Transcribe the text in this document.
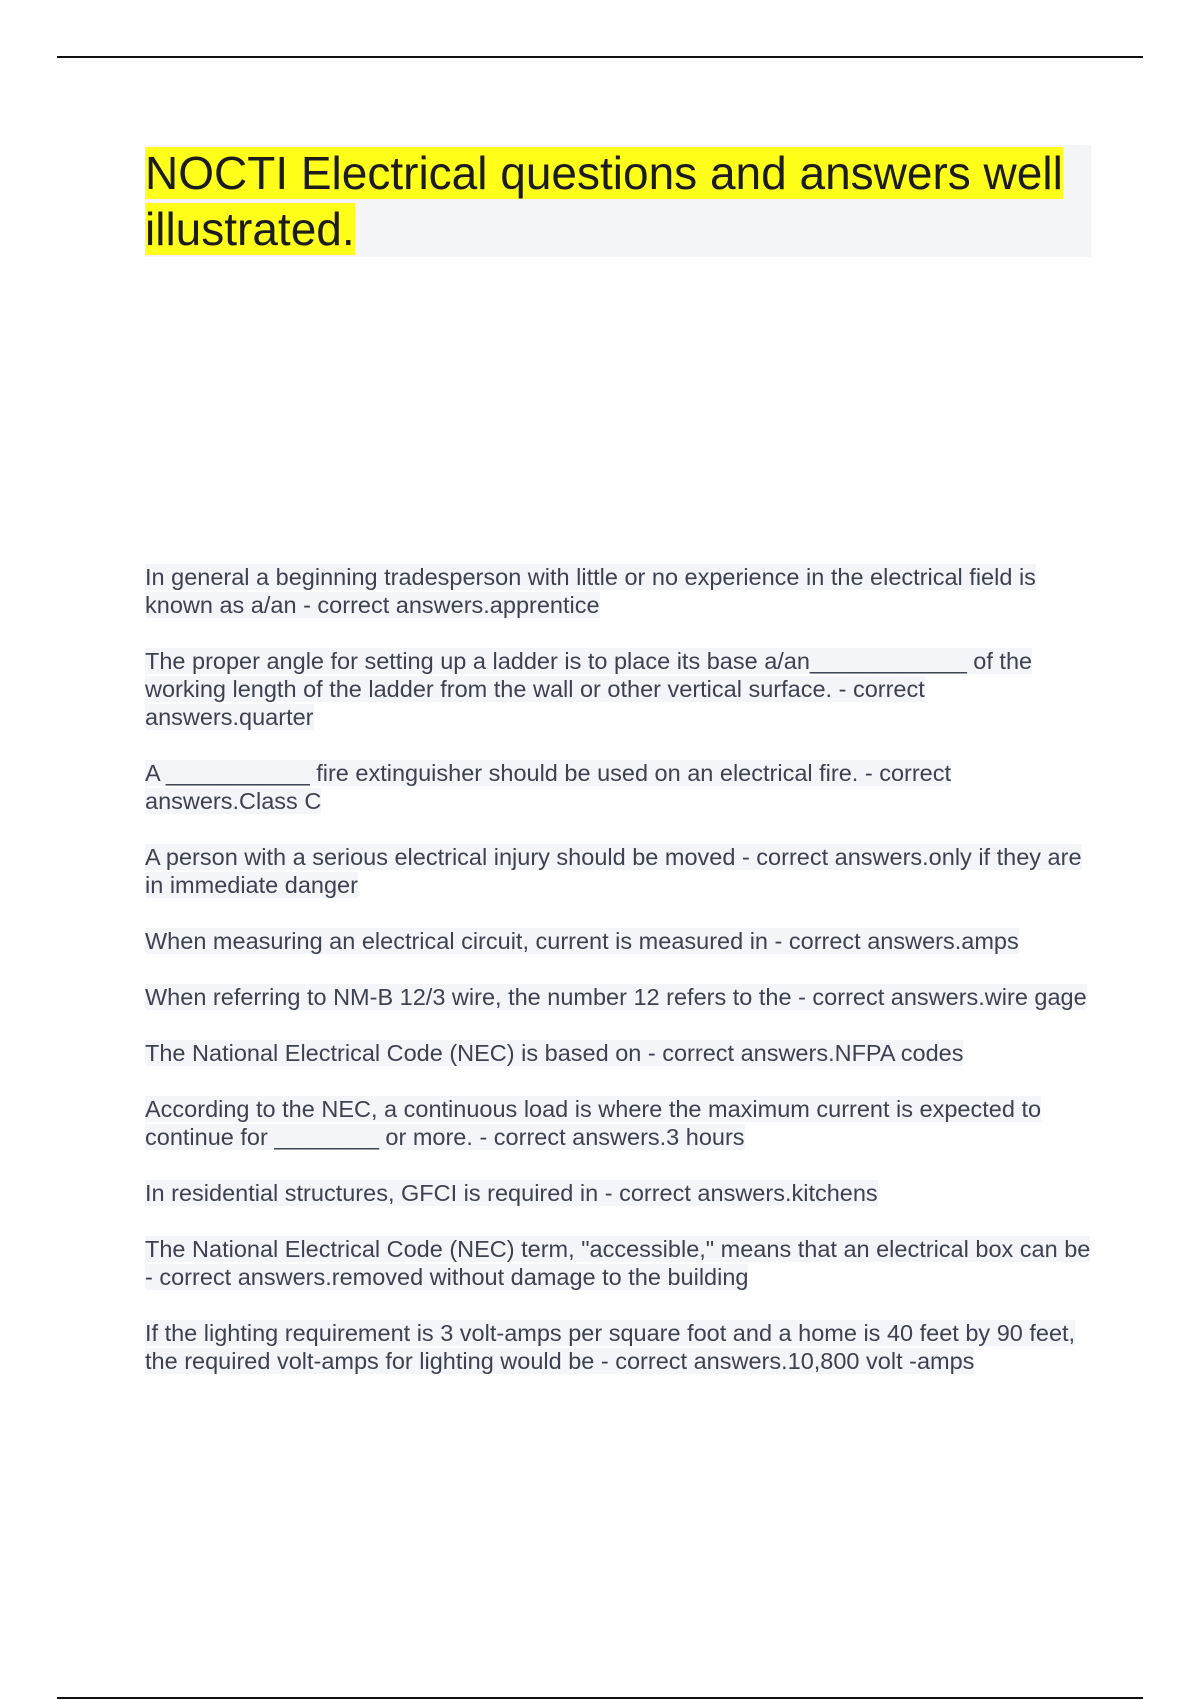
NOCTI Electrical questions and answers well illustrated.
In general a beginning tradesperson with little or no experience in the electrical field is known as a/an - correct answers.apprentice
The proper angle for setting up a ladder is to place its base a/an____________ of the working length of the ladder from the wall or other vertical surface. - correct answers.quarter
A ___________ fire extinguisher should be used on an electrical fire. - correct answers.Class C
A person with a serious electrical injury should be moved - correct answers.only if they are in immediate danger
When measuring an electrical circuit, current is measured in - correct answers.amps
When referring to NM-B 12/3 wire, the number 12 refers to the - correct answers.wire gage
The National Electrical Code (NEC) is based on - correct answers.NFPA codes
According to the NEC, a continuous load is where the maximum current is expected to continue for ________ or more. - correct answers.3 hours
In residential structures, GFCI is required in - correct answers.kitchens
The National Electrical Code (NEC) term, "accessible," means that an electrical box can be - correct answers.removed without damage to the building
If the lighting requirement is 3 volt-amps per square foot and a home is 40 feet by 90 feet, the required volt-amps for lighting would be - correct answers.10,800 volt -amps
